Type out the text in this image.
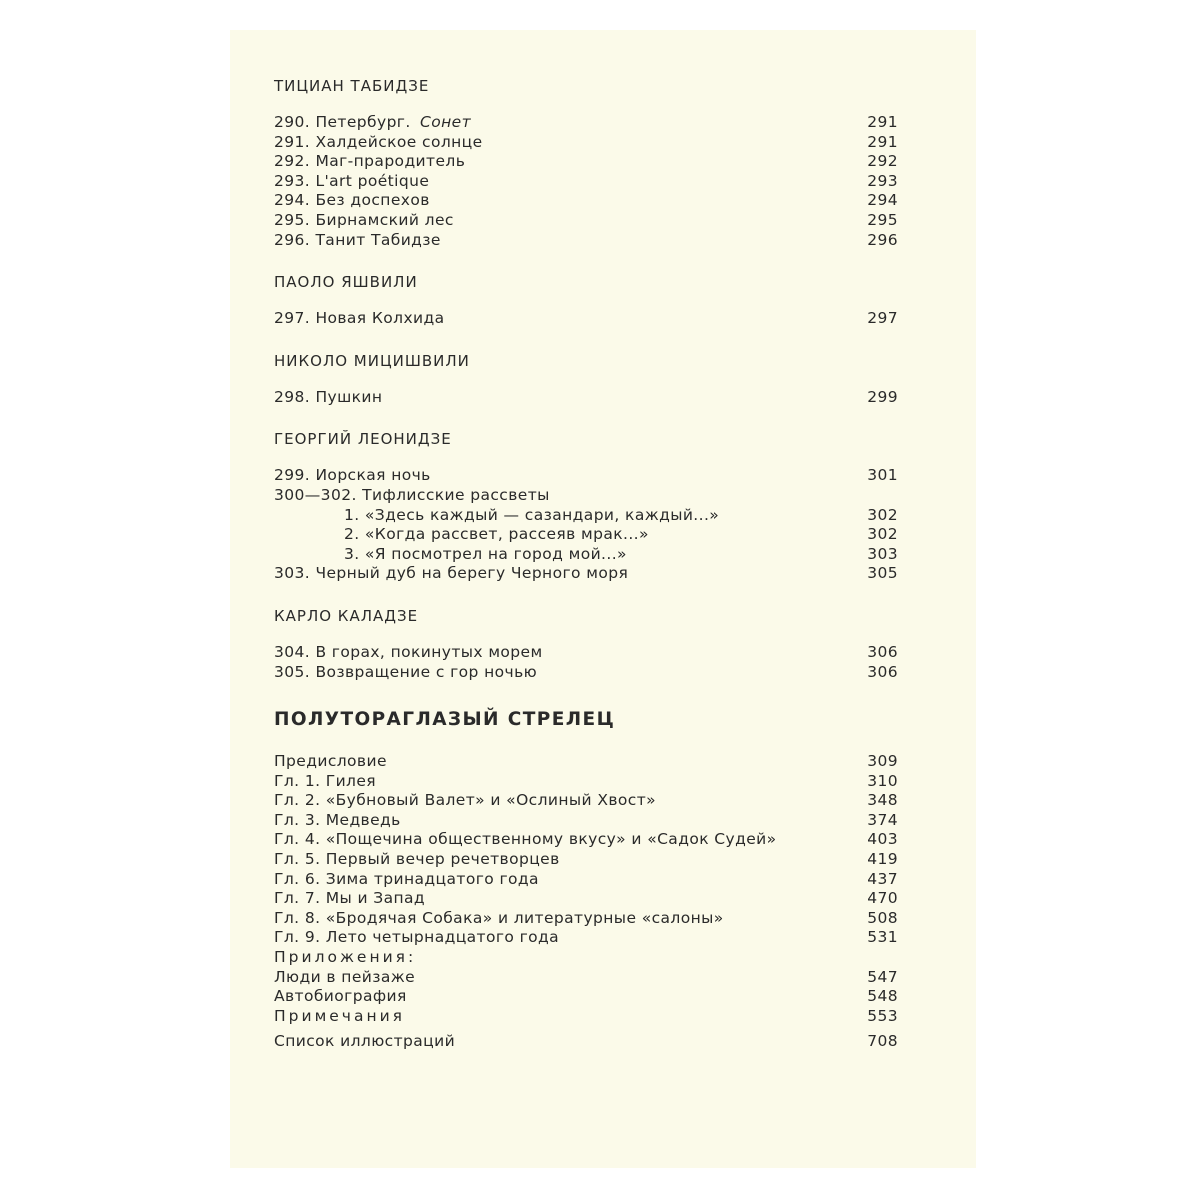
ТИЦИАН ТАБИДЗЕ
290. Петербург. Сонет	291
291. Халдейское солнце	291
292. Маг-прародитель	292
293. L'art poétique	293
294. Без доспехов	294
295. Бирнамский лес	295
296. Танит Табидзе	296
ПАОЛО ЯШВИЛИ
297. Новая Колхида	297
НИКОЛО МИЦИШВИЛИ
298. Пушкин	299
ГЕОРГИЙ ЛЕОНИДЗЕ
299. Иорская ночь	301
300—302. Тифлисские рассветы
1. «Здесь каждый — сазандари, каждый...»	302
2. «Когда рассвет, рассеяв мрак...»	302
3. «Я посмотрел на город мой...»	303
303. Черный дуб на берегу Черного моря	305
КАРЛО КАЛАДЗЕ
304. В горах, покинутых морем	306
305. Возвращение с гор ночью	306
ПОЛУТОРАГЛАЗЫЙ СТРЕЛЕЦ
Предисловие	309
Гл. 1. Гилея	310
Гл. 2. «Бубновый Валет» и «Ослиный Хвост»	348
Гл. 3. Медведь	374
Гл. 4. «Пощечина общественному вкусу» и «Садок Судей»	403
Гл. 5. Первый вечер речетворцев	419
Гл. 6. Зима тринадцатого года	437
Гл. 7. Мы и Запад	470
Гл. 8. «Бродячая Собака» и литературные «салоны»	508
Гл. 9. Лето четырнадцатого года	531
Приложения:
Люди в пейзаже	547
Автобиография	548
Примечания	553
Список иллюстраций	708
